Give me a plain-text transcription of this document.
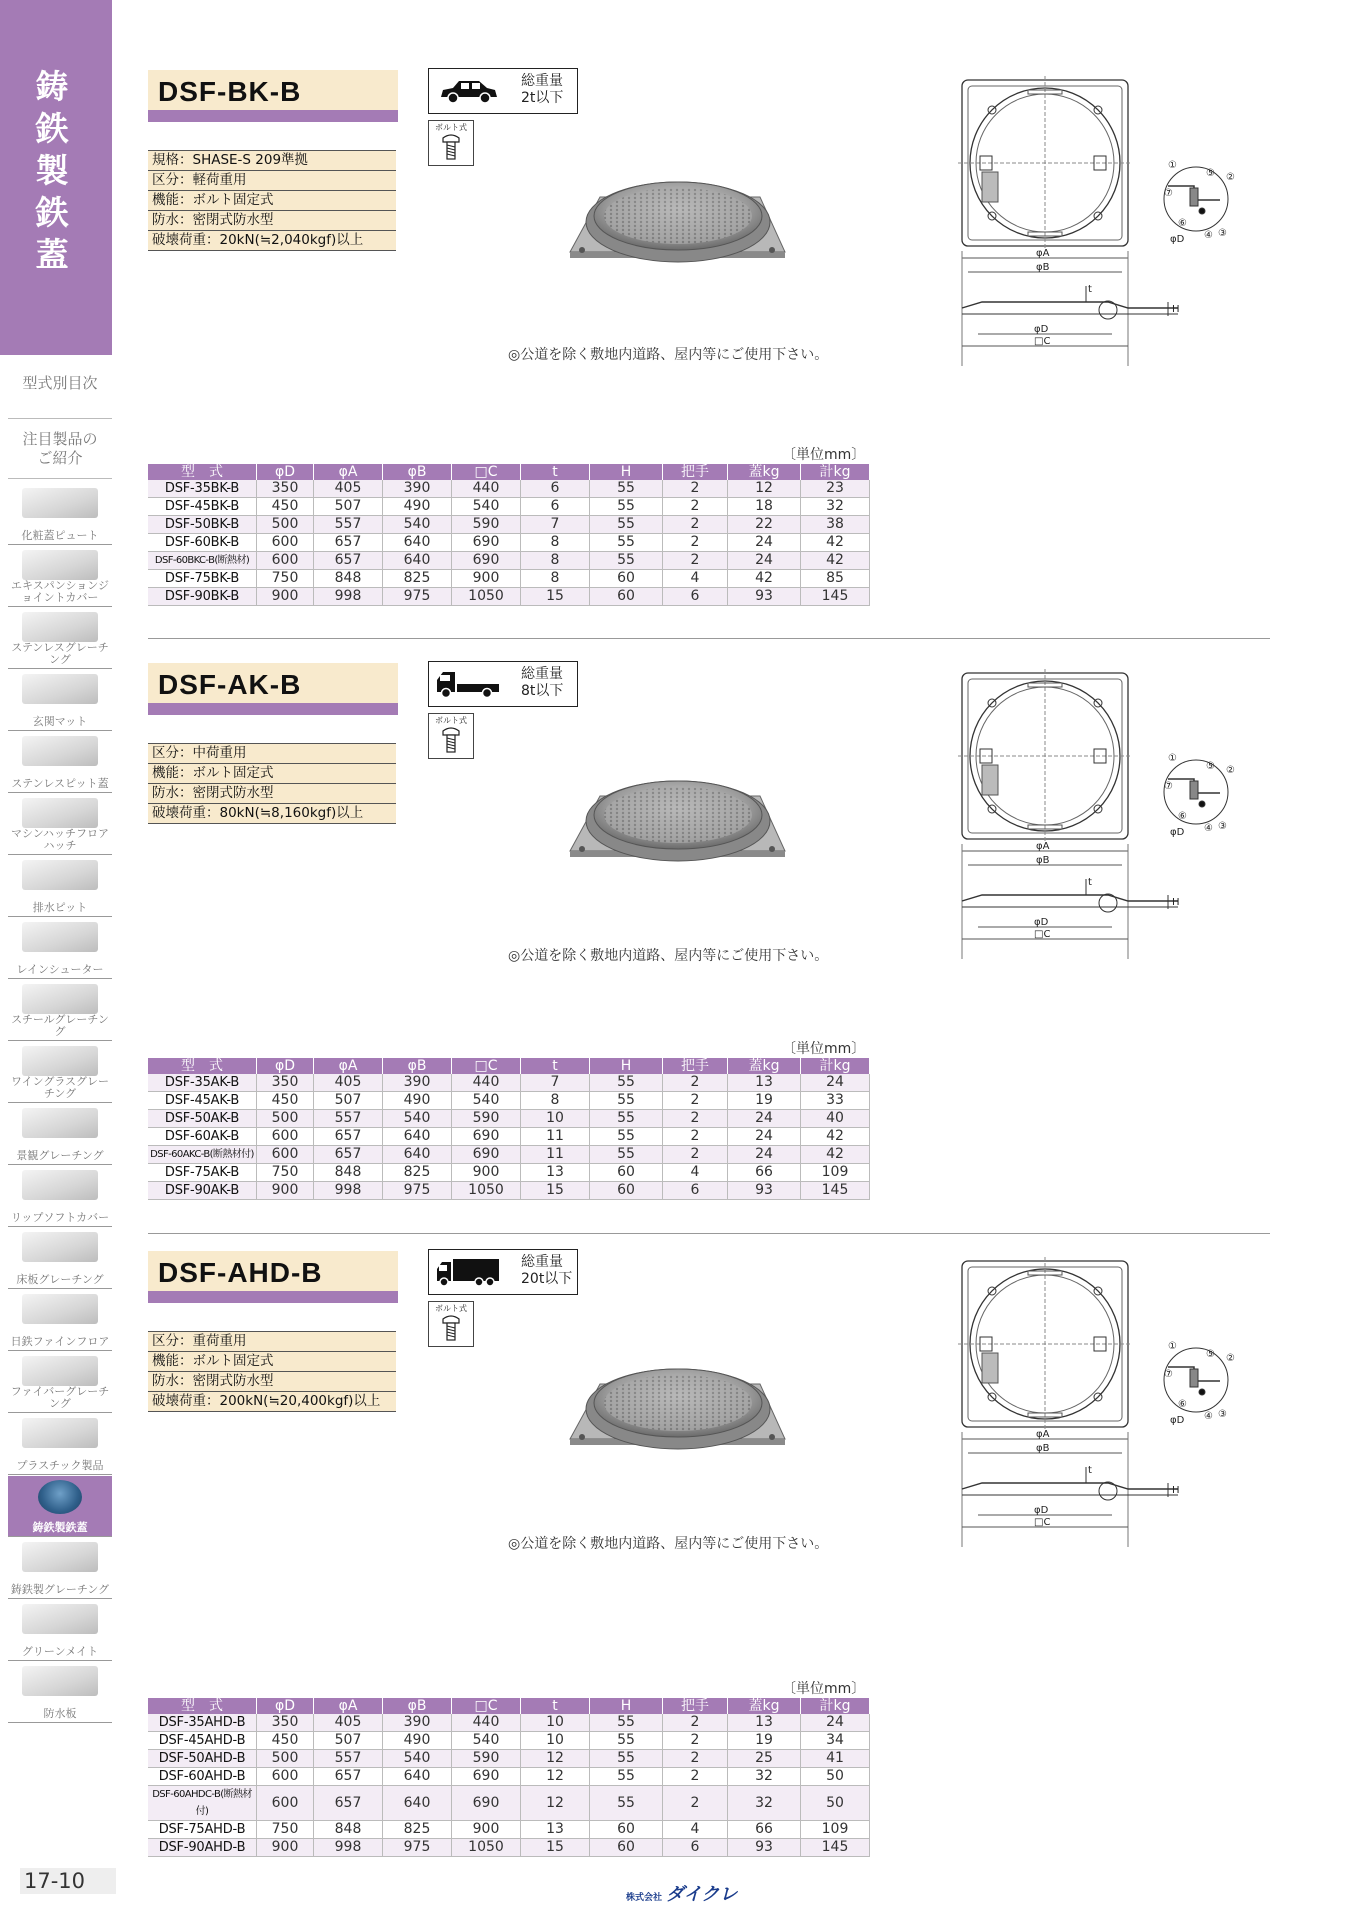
鋳鉄製鉄蓋
型式別目次
注目製品のご紹介
化粧蓋ピュート
エキスパンションジョイントカバー
ステンレスグレーチング
玄関マット
ステンレスピット蓋
マシンハッチフロアハッチ
排水ピット
レインシューター
スチールグレーチング
ワイングラスグレーチング
景観グレーチング
リップソフトカバー
床板グレーチング
日鉄ファインフロア
ファイバーグレーチング
プラスチック製品
鋳鉄製鉄蓋
鋳鉄製グレーチング
グリーンメイト
防水板
17-10
DSF-BK-B	総重量
2t以下
ボルト式
規格：SHASE-S 209準拠
区分：軽荷重用
機能：ボルト固定式
防水：密閉式防水型
破壊荷重：20kN(≒2,040kgf)以上
①
⑤ ②
⑦
⑥
④ ③
φD
φA
φB
t
H
φD
□C
◎公道を除く敷地内道路、屋内等にご使用下さい。
〔単位mm〕
型　式	φD	φA	φB	□C	t	H	把手	蓋kg	計kg
DSF-35BK-B	350	405	390	440	6	55	2	12	23
DSF-45BK-B	450	507	490	540	6	55	2	18	32
DSF-50BK-B	500	557	540	590	7	55	2	22	38
DSF-60BK-B	600	657	640	690	8	55	2	24	42
DSF-60BKC-B(断熱材)	600	657	640	690	8	55	2	24	42
DSF-75BK-B	750	848	825	900	8	60	4	42	85
DSF-90BK-B	900	998	975	1050	15	60	6	93	145
DSF-AK-B	総重量
8t以下
ボルト式
区分：中荷重用
機能：ボルト固定式
防水：密閉式防水型
破壊荷重：80kN(≒8,160kgf)以上
①
⑤ ②
⑦
⑥
④ ③
φD
φA
φB
t
H
φD
□C
◎公道を除く敷地内道路、屋内等にご使用下さい。
〔単位mm〕
型　式	φD	φA	φB	□C	t	H	把手	蓋kg	計kg
DSF-35AK-B	350	405	390	440	7	55	2	13	24
DSF-45AK-B	450	507	490	540	8	55	2	19	33
DSF-50AK-B	500	557	540	590	10	55	2	24	40
DSF-60AK-B	600	657	640	690	11	55	2	24	42
DSF-60AKC-B(断熱材付)	600	657	640	690	11	55	2	24	42
DSF-75AK-B	750	848	825	900	13	60	4	66	109
DSF-90AK-B	900	998	975	1050	15	60	6	93	145
DSF-AHD-B	総重量
20t以下
ボルト式
区分：重荷重用
機能：ボルト固定式
防水：密閉式防水型
破壊荷重：200kN(≒20,400kgf)以上
①
⑤ ②
⑦
⑥
④ ③
φD
φA
φB
t
H
φD
□C
◎公道を除く敷地内道路、屋内等にご使用下さい。
〔単位mm〕
型　式	φD	φA	φB	□C	t	H	把手	蓋kg	計kg
DSF-35AHD-B	350	405	390	440	10	55	2	13	24
DSF-45AHD-B	450	507	490	540	10	55	2	19	34
DSF-50AHD-B	500	557	540	590	12	55	2	25	41
DSF-60AHD-B	600	657	640	690	12	55	2	32	50
DSF-60AHDC-B(断熱材付)	600	657	640	690	12	55	2	32	50
DSF-75AHD-B	750	848	825	900	13	60	4	66	109
DSF-90AHD-B	900	998	975	1050	15	60	6	93	145
株式会社 ダイクレ
